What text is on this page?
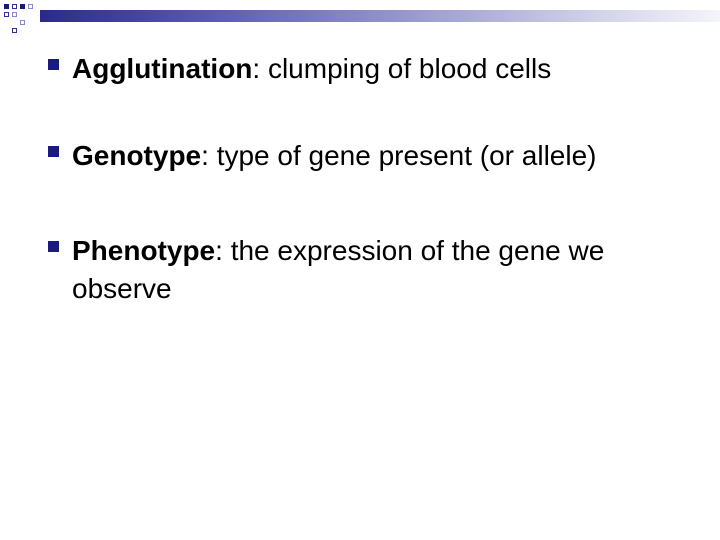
Agglutination: clumping of blood cells
Genotype: type of gene present (or allele)
Phenotype: the expression of the gene we observe
